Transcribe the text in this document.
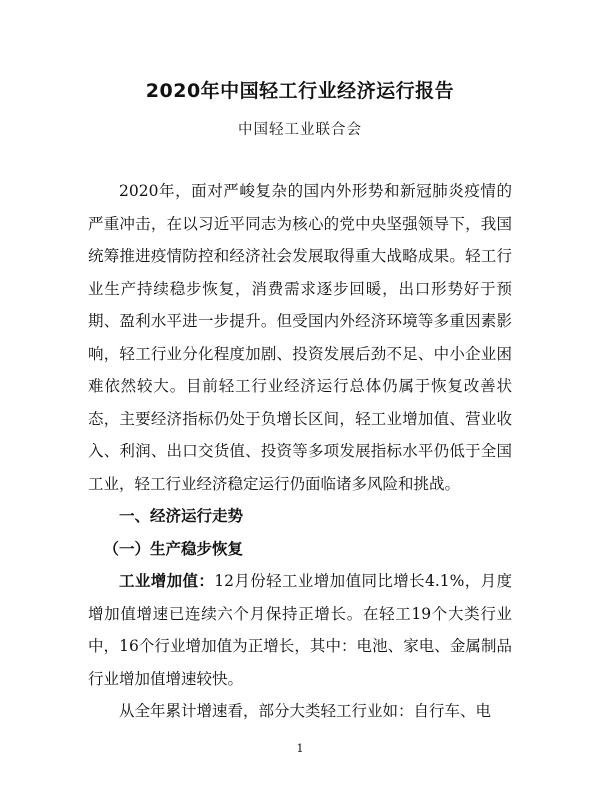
2020年中国轻工行业经济运行报告
中国轻工业联合会

2020年，面对严峻复杂的国内外形势和新冠肺炎疫情的严重冲击，在以习近平同志为核心的党中央坚强领导下，我国统筹推进疫情防控和经济社会发展取得重大战略成果。轻工行业生产持续稳步恢复，消费需求逐步回暖，出口形势好于预期、盈利水平进一步提升。但受国内外经济环境等多重因素影响，轻工行业分化程度加剧、投资发展后劲不足、中小企业困难依然较大。目前轻工行业经济运行总体仍属于恢复改善状态，主要经济指标仍处于负增长区间，轻工业增加值、营业收入、利润、出口交货值、投资等多项发展指标水平仍低于全国工业，轻工行业经济稳定运行仍面临诸多风险和挑战。

一、经济运行走势

（一）生产稳步恢复

工业增加值：12月份轻工业增加值同比增长4.1%，月度增加值增速已连续六个月保持正增长。在轻工19个大类行业中，16个行业增加值为正增长，其中：电池、家电、金属制品行业增加值增速较快。

从全年累计增速看，部分大类轻工行业如：自行车、电

1
